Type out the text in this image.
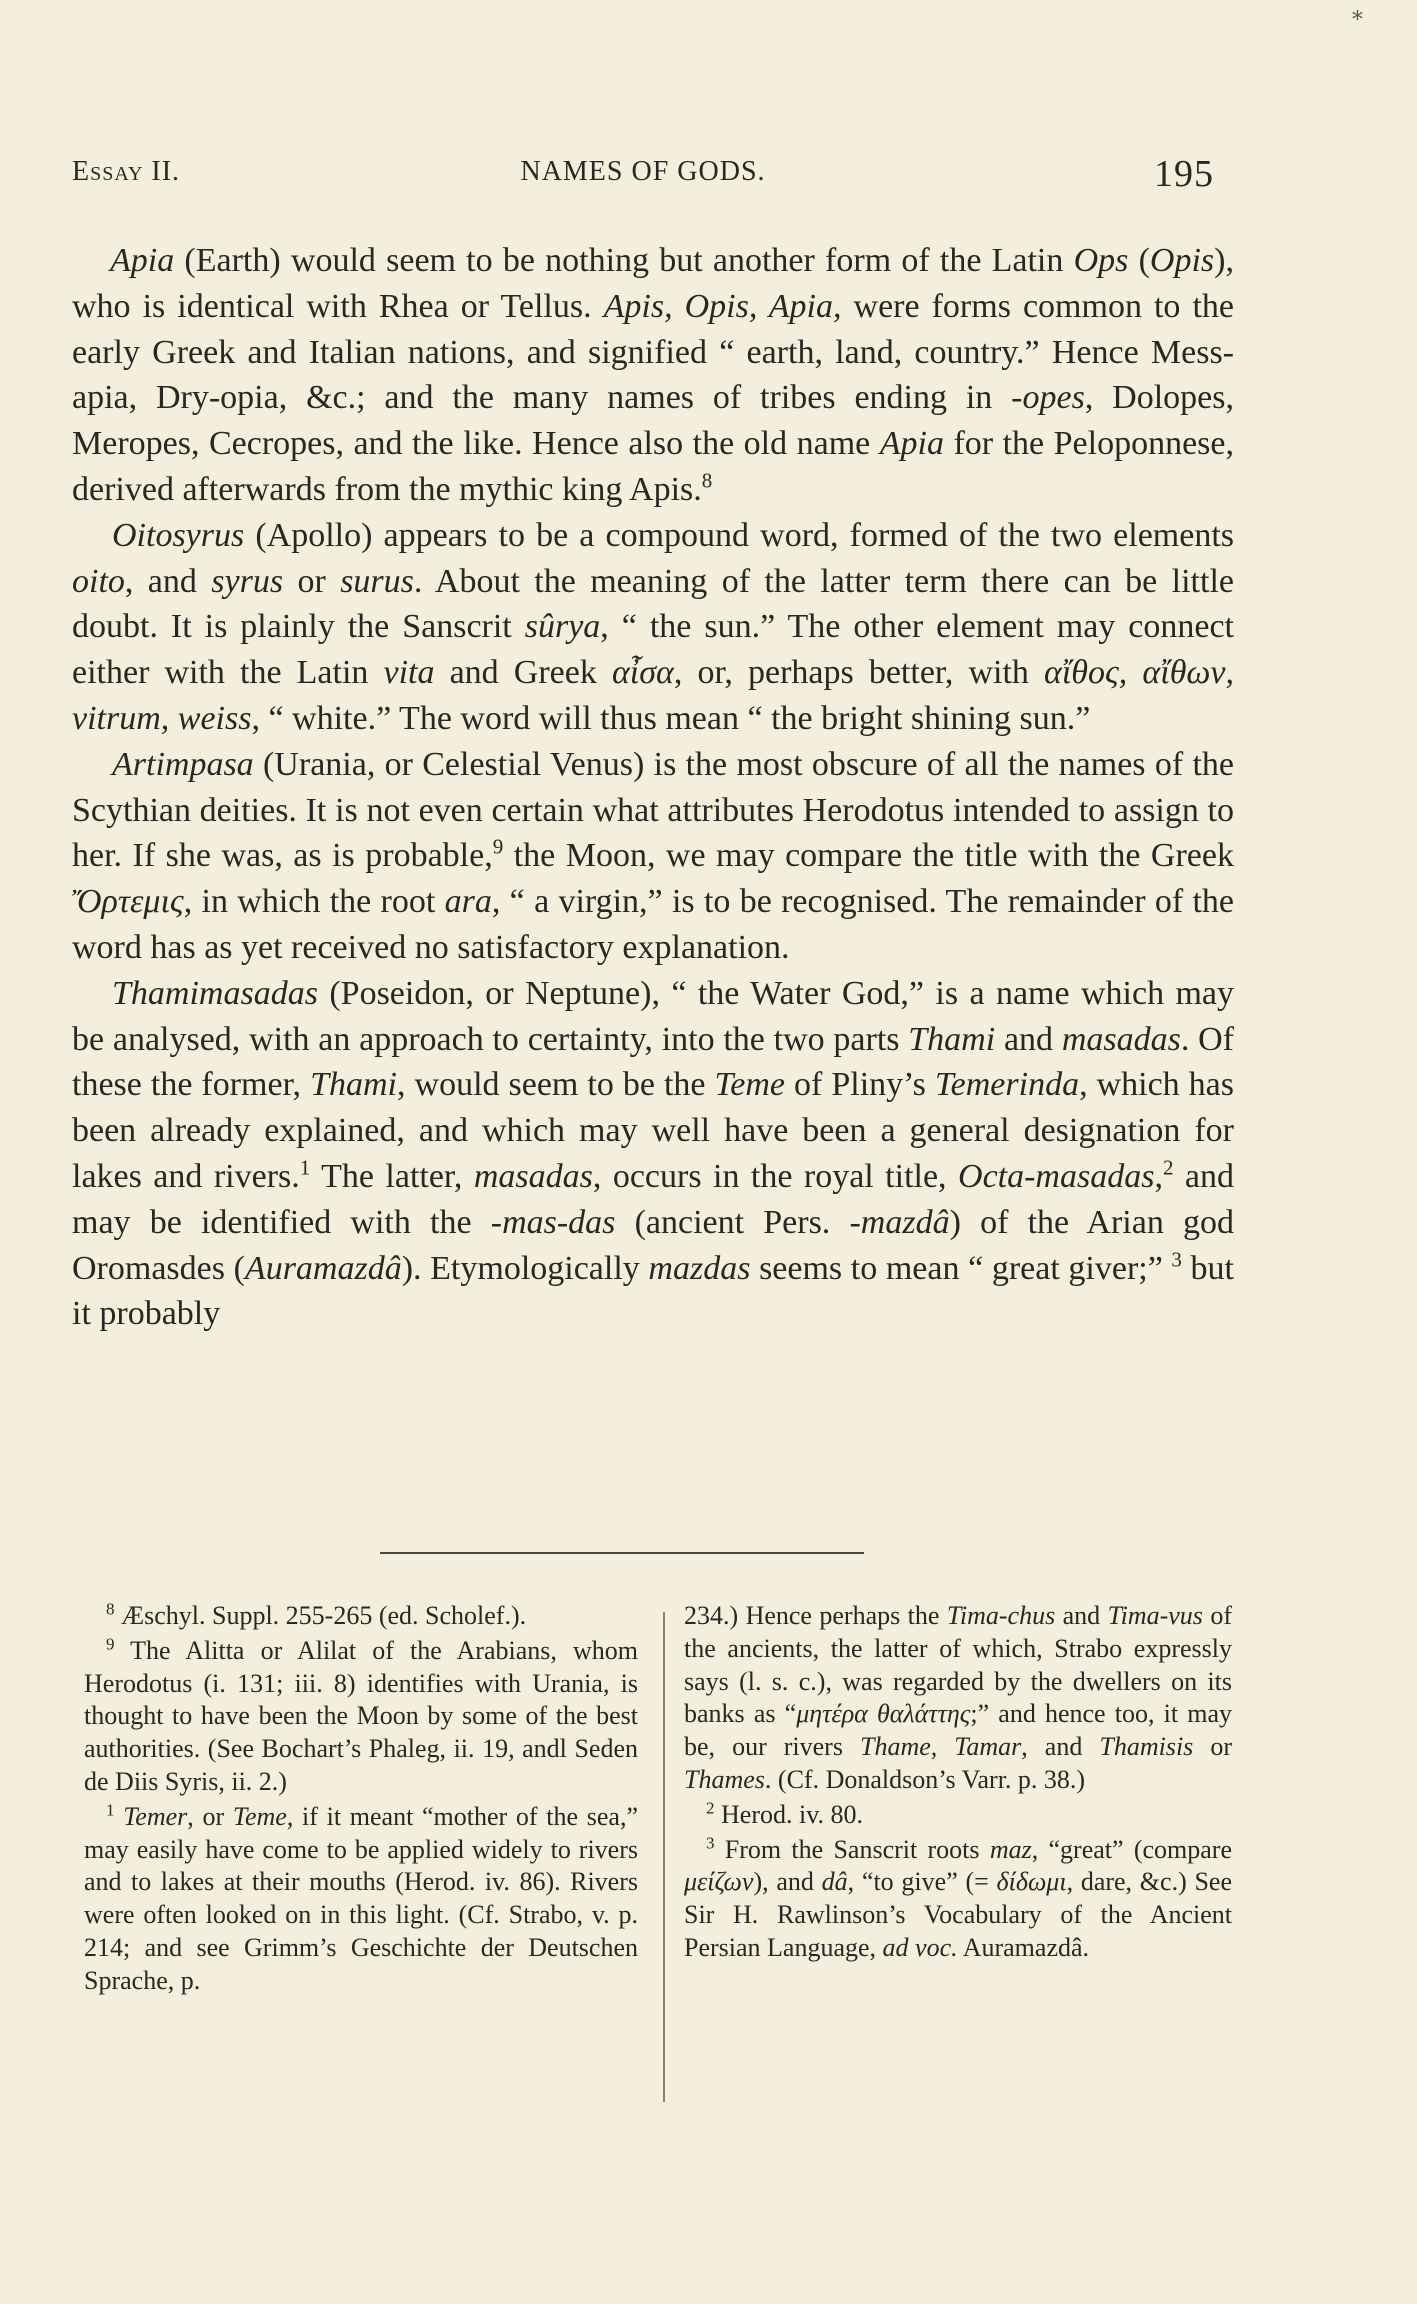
*
Essay II.	NAMES OF GODS.	195

Apia (Earth) would seem to be nothing but another form of the Latin Ops (Opis), who is identical with Rhea or Tellus. Apis, Opis, Apia, were forms common to the early Greek and Italian nations, and signified “ earth, land, country.” Hence Mess-apia, Dry-opia, &c.; and the many names of tribes ending in -opes, Dolopes, Meropes, Cecropes, and the like. Hence also the old name Apia for the Peloponnese, derived afterwards from the mythic king Apis.$^8$

Oitosyrus (Apollo) appears to be a compound word, formed of the two elements oito, and syrus or surus. About the meaning of the latter term there can be little doubt. It is plainly the Sanscrit sûrya, “ the sun.” The other element may connect either with the Latin vita and Greek αἶσα, or, perhaps better, with αἴθος, αἴθων, vitrum, weiss, “ white.” The word will thus mean “ the bright shining sun.”

Artimpasa (Urania, or Celestial Venus) is the most obscure of all the names of the Scythian deities. It is not even certain what attributes Herodotus intended to assign to her. If she was, as is probable,$^9$ the Moon, we may compare the title with the Greek Ὄρτεμις, in which the root ara, “ a virgin,” is to be recognised. The remainder of the word has as yet received no satisfactory explanation.

Thamimasadas (Poseidon, or Neptune), “ the Water God,” is a name which may be analysed, with an approach to certainty, into the two parts Thami and masadas. Of these the former, Thami, would seem to be the Teme of Pliny’s Temerinda, which has been already explained, and which may well have been a general designation for lakes and rivers.$^1$ The latter, masadas, occurs in the royal title, Octa-masadas,$^2$ and may be identified with the -mas-das (ancient Pers. -mazdâ) of the Arian god Oromasdes (Auramazdâ). Etymologically mazdas seems to mean “ great giver;” $^3$ but it probably

$^8$ Æschyl. Suppl. 255-265 (ed. Scholef.).

$^9$ The Alitta or Alilat of the Arabians, whom Herodotus (i. 131; iii. 8) identifies with Urania, is thought to have been the Moon by some of the best authorities. (See Bochart’s Phaleg, ii. 19, andl Seden de Diis Syris, ii. 2.)

$^1$ Temer, or Teme, if it meant “mother of the sea,” may easily have come to be applied widely to rivers and to lakes at their mouths (Herod. iv. 86). Rivers were often looked on in this light. (Cf. Strabo, v. p. 214; and see Grimm’s Geschichte der Deutschen Sprache, p.

234.) Hence perhaps the Tima-chus and Tima-vus of the ancients, the latter of which, Strabo expressly says (l. s. c.), was regarded by the dwellers on its banks as “μητέρα θαλάττης;” and hence too, it may be, our rivers Thame, Tamar, and Thamisis or Thames. (Cf. Donaldson’s Varr. p. 38.)

$^2$ Herod. iv. 80.

$^3$ From the Sanscrit roots maz, “great” (compare μείζων), and dâ, “to give” (= δίδωμι, dare, &c.) See Sir H. Rawlinson’s Vocabulary of the Ancient Persian Language, ad voc. Auramazdâ.
